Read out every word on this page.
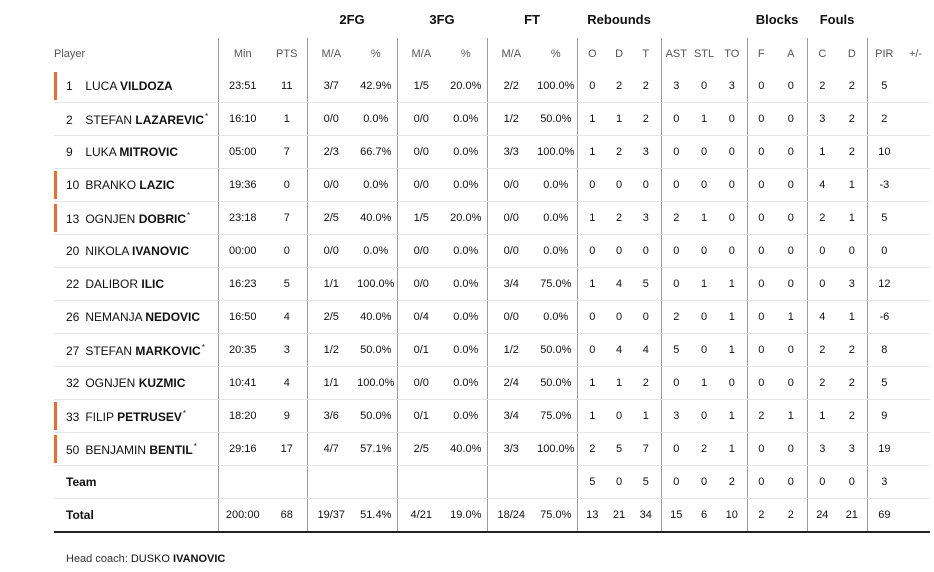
			2FG		3FG		FT		Rebounds						Blocks		Fouls			
Player	Min	PTS	M/A	%	M/A	%	M/A	%	O	D	T	AST	STL	TO	F	A	C	D	PIR	+/-

1 LUCA VILDOZA	23:51	11	3/7	42.9%	1/5	20.0%	2/2	100.0%	0	2	2	3	0	3	0	0	2	2	5	
2 STEFAN LAZAREVIC*	16:10	1	0/0	0.0%	0/0	0.0%	1/2	50.0%	1	1	2	0	1	0	0	0	3	2	2	
9 LUKA MITROVIC	05:00	7	2/3	66.7%	0/0	0.0%	3/3	100.0%	1	2	3	0	0	0	0	0	1	2	10	

10 BRANKO LAZIC	19:36	0	0/0	0.0%	0/0	0.0%	0/0	0.0%	0	0	0	0	0	0	0	0	4	1	-3	

13 OGNJEN DOBRIC*	23:18	7	2/5	40.0%	1/5	20.0%	0/0	0.0%	1	2	3	2	1	0	0	0	2	1	5	
20 NIKOLA IVANOVIC	00:00	0	0/0	0.0%	0/0	0.0%	0/0	0.0%	0	0	0	0	0	0	0	0	0	0	0	
22 DALIBOR ILIC	16:23	5	1/1	100.0%	0/0	0.0%	3/4	75.0%	1	4	5	0	1	1	0	0	0	3	12	
26 NEMANJA NEDOVIC	16:50	4	2/5	40.0%	0/4	0.0%	0/0	0.0%	0	0	0	2	0	1	0	1	4	1	-6	
27 STEFAN MARKOVIC*	20:35	3	1/2	50.0%	0/1	0.0%	1/2	50.0%	0	4	4	5	0	1	0	0	2	2	8	
32 OGNJEN KUZMIC	10:41	4	1/1	100.0%	0/0	0.0%	2/4	50.0%	1	1	2	0	1	0	0	0	2	2	5	

33 FILIP PETRUSEV*	18:20	9	3/6	50.0%	0/1	0.0%	3/4	75.0%	1	0	1	3	0	1	2	1	1	2	9	

50 BENJAMIN BENTIL*	29:16	17	4/7	57.1%	2/5	40.0%	3/3	100.0%	2	5	7	0	2	1	0	0	3	3	19	
Team									5	0	5	0	0	2	0	0	0	0	3	
Total	200:00	68	19/37	51.4%	4/21	19.0%	18/24	75.0%	13	21	34	15	6	10	2	2	24	21	69	
Head coach: DUSKO IVANOVIC
